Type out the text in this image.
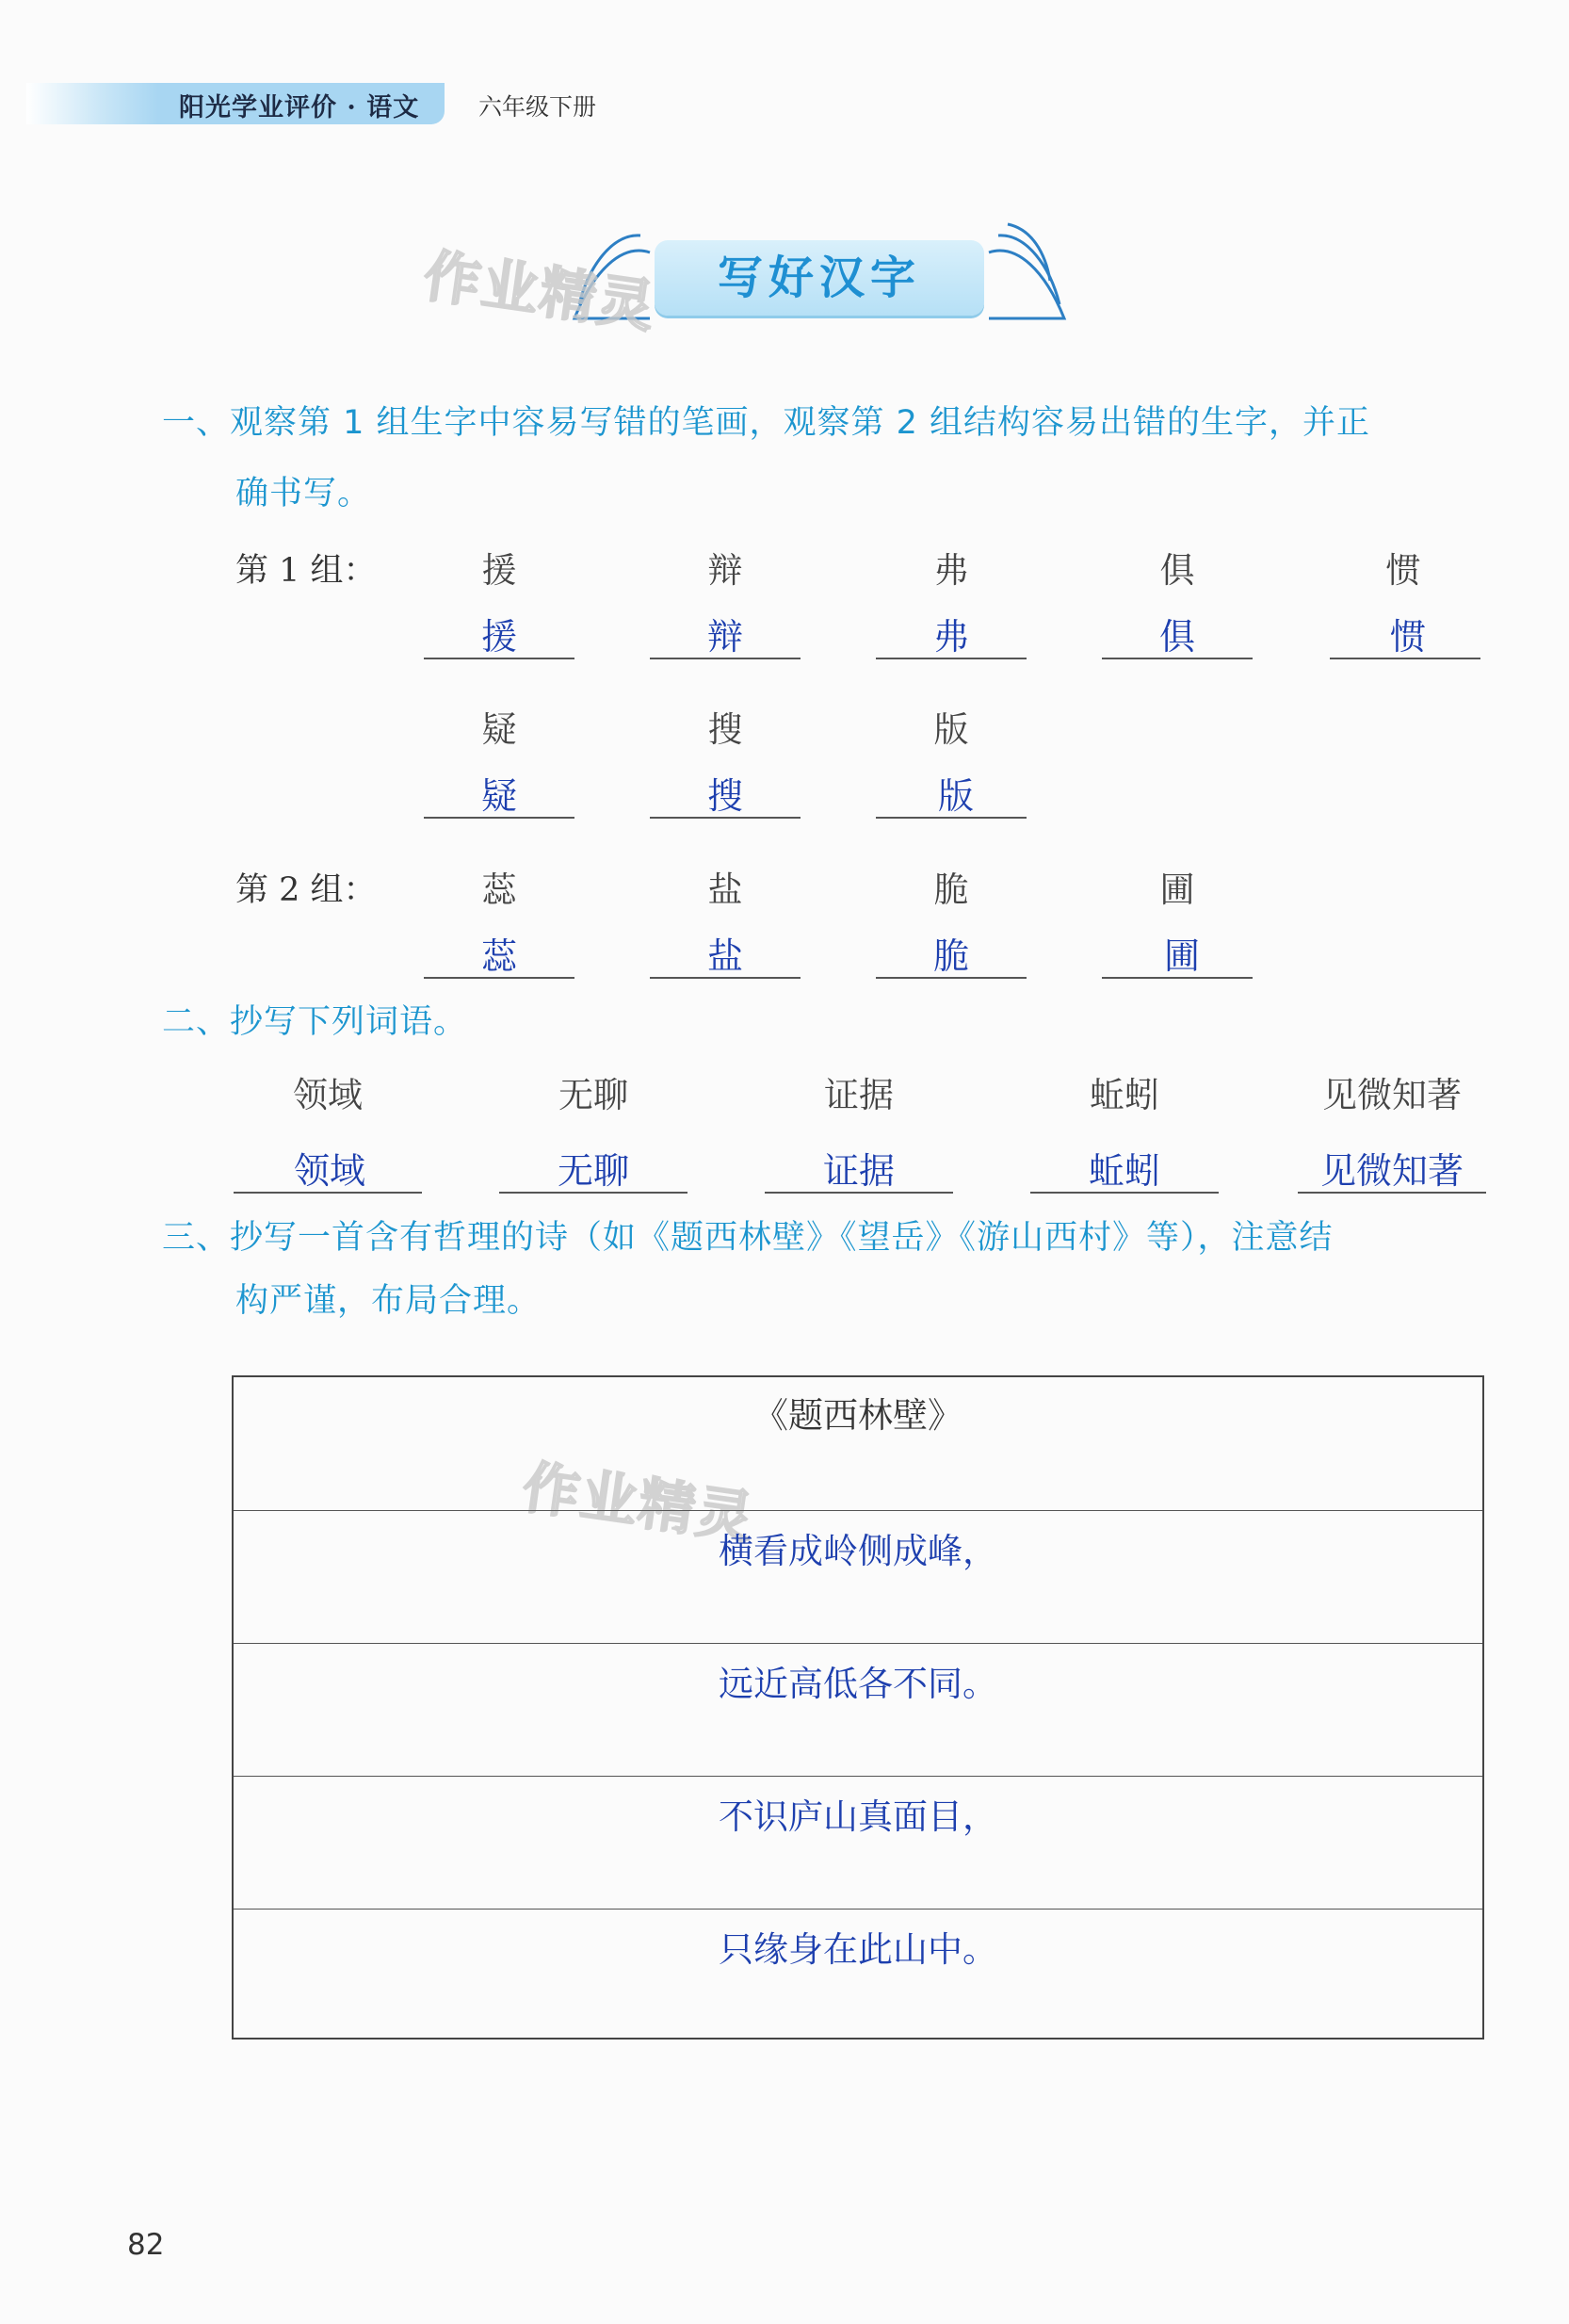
阳光学业评价 · 语文	六年级下册
写好汉字
作业精灵
作业精灵
一、观察第 1 组生字中容易写错的笔画，观察第 2 组结构容易出错的生字，并正
确书写。
第 1 组：	援	辩	弗	俱	惯
援	辩	弗	俱	惯
疑	搜	版
疑	搜	版
第 2 组：	蕊	盐	脆	圃
蕊	盐	脆	圃
二、抄写下列词语。
领域	无聊	证据	蚯蚓	见微知著
领域	无聊	证据	蚯蚓	见微知著
三、抄写一首含有哲理的诗（如《题西林壁》《望岳》《游山西村》等），注意结
构严谨，布局合理。
《题西林壁》
横看成岭侧成峰，
远近高低各不同。
不识庐山真面目，
只缘身在此山中。
82
